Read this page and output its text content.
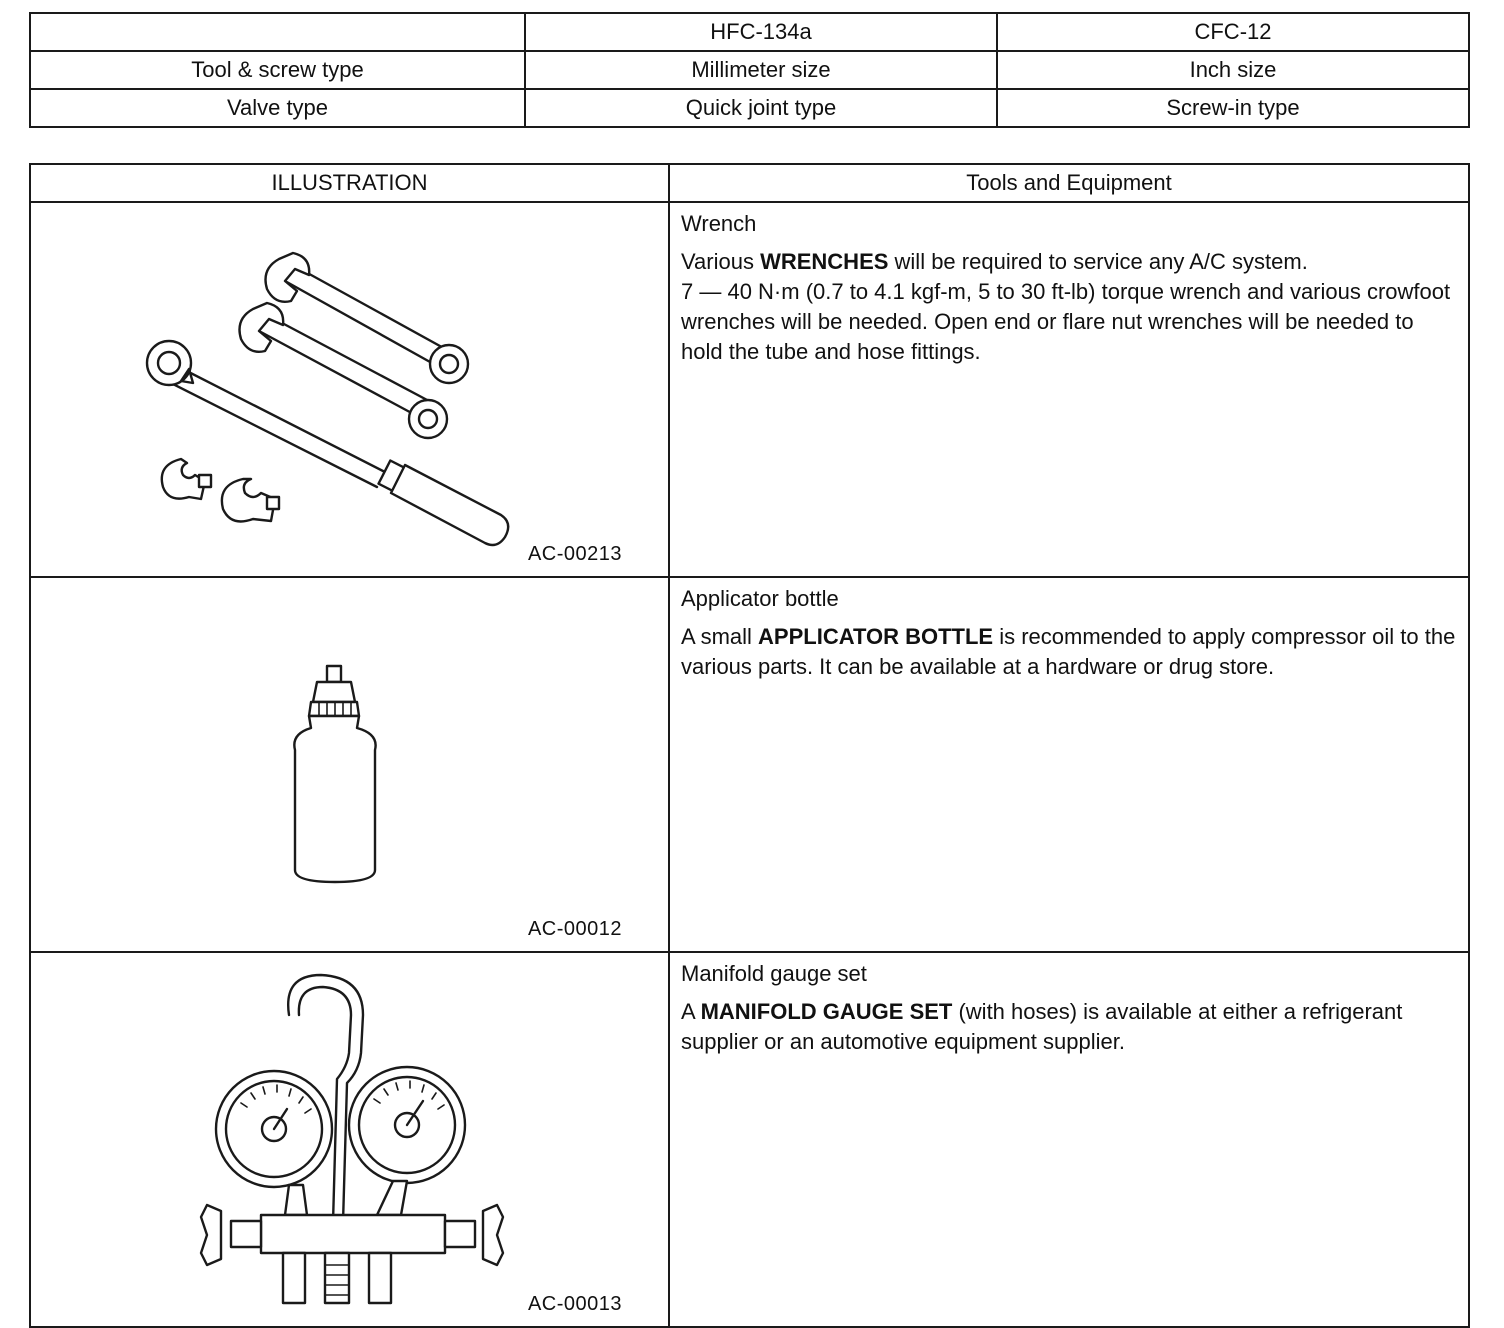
	HFC-134a	CFC-12
Tool & screw type	Millimeter size	Inch size
Valve type	Quick joint type	Screw-in type
ILLUSTRATION	Tools and Equipment

AC-00213	Wrench

Various WRENCHES will be required to service any A/C system.
7 — 40 N·m (0.7 to 4.1 kgf-m, 5 to 30 ft-lb) torque wrench and various crowfoot wrenches will be needed. Open end or flare nut wrenches will be needed to hold the tube and hose fittings.

AC-00012	Applicator bottle

A small APPLICATOR BOTTLE is recommended to apply compressor oil to the various parts. It can be available at a hardware or drug store.

AC-00013	Manifold gauge set

A MANIFOLD GAUGE SET (with hoses) is available at either a refrigerant supplier or an automotive equipment supplier.
